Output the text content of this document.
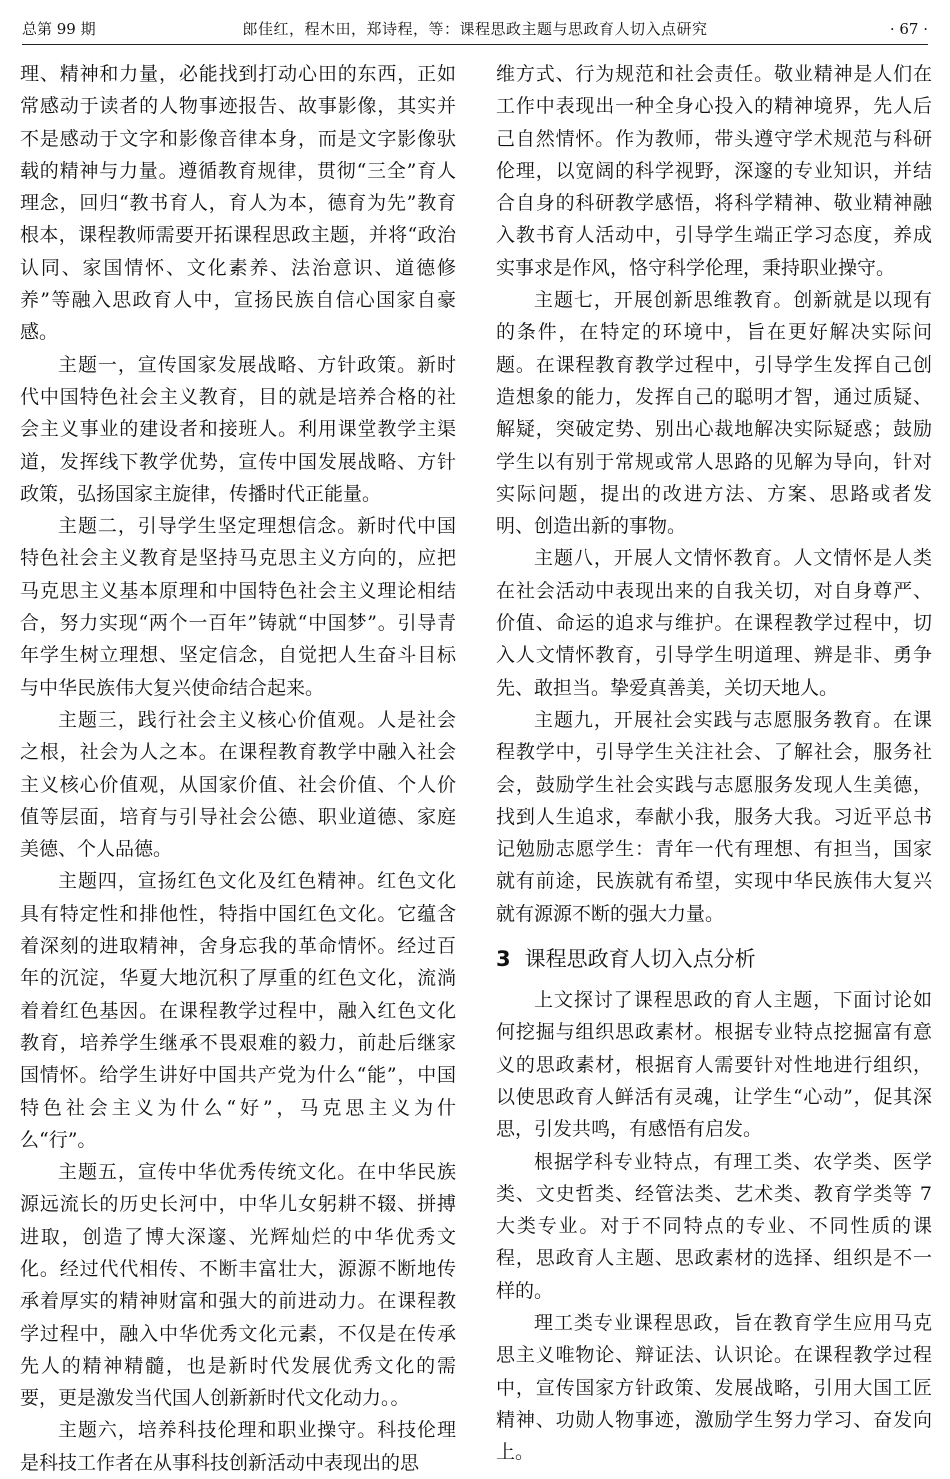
总第 99 期	郎佳红，程木田，郑诗程，等：课程思政主题与思政育人切入点研究	· 67 ·

理、精神和力量，必能找到打动心田的东西，正如常感动于读者的人物事迹报告、故事影像，其实并不是感动于文字和影像音律本身，而是文字影像驮载的精神与力量。遵循教育规律，贯彻“三全”育人理念，回归“教书育人，育人为本，德育为先”教育根本，课程教师需要开拓课程思政主题，并将“政治认同、家国情怀、文化素养、法治意识、道德修养”等融入思政育人中，宣扬民族自信心国家自豪感。

主题一，宣传国家发展战略、方针政策。新时代中国特色社会主义教育，目的就是培养合格的社会主义事业的建设者和接班人。利用课堂教学主渠道，发挥线下教学优势，宣传中国发展战略、方针政策，弘扬国家主旋律，传播时代正能量。

主题二，引导学生坚定理想信念。新时代中国特色社会主义教育是坚持马克思主义方向的，应把马克思主义基本原理和中国特色社会主义理论相结合，努力实现“两个一百年”铸就“中国梦”。引导青年学生树立理想、坚定信念，自觉把人生奋斗目标与中华民族伟大复兴使命结合起来。

主题三，践行社会主义核心价值观。人是社会之根，社会为人之本。在课程教育教学中融入社会主义核心价值观，从国家价值、社会价值、个人价值等层面，培育与引导社会公德、职业道德、家庭美德、个人品德。

主题四，宣扬红色文化及红色精神。红色文化具有特定性和排他性，特指中国红色文化。它蕴含着深刻的进取精神，舍身忘我的革命情怀。经过百年的沉淀，华夏大地沉积了厚重的红色文化，流淌着着红色基因。在课程教学过程中，融入红色文化教育，培养学生继承不畏艰难的毅力，前赴后继家国情怀。给学生讲好中国共产党为什么“能”，中国特色社会主义为什么“好”，马克思主义为什么“行”。

主题五，宣传中华优秀传统文化。在中华民族源远流长的历史长河中，中华儿女躬耕不辍、拼搏进取，创造了博大深邃、光辉灿烂的中华优秀文化。经过代代相传、不断丰富壮大，源源不断地传承着厚实的精神财富和强大的前进动力。在课程教学过程中，融入中华优秀文化元素，不仅是在传承先人的精神精髓，也是新时代发展优秀文化的需要，更是激发当代国人创新新时代文化动力。。

主题六，培养科技伦理和职业操守。科技伦理是科技工作者在从事科技创新活动中表现出的思

维方式、行为规范和社会责任。敬业精神是人们在工作中表现出一种全身心投入的精神境界，先人后己自然情怀。作为教师，带头遵守学术规范与科研伦理，以宽阔的科学视野，深邃的专业知识，并结合自身的科研教学感悟，将科学精神、敬业精神融入教书育人活动中，引导学生端正学习态度，养成实事求是作风，恪守科学伦理，秉持职业操守。

主题七，开展创新思维教育。创新就是以现有的条件，在特定的环境中，旨在更好解决实际问题。在课程教育教学过程中，引导学生发挥自己创造想象的能力，发挥自己的聪明才智，通过质疑、解疑，突破定势、别出心裁地解决实际疑惑；鼓励学生以有别于常规或常人思路的见解为导向，针对实际问题，提出的改进方法、方案、思路或者发明、创造出新的事物。

主题八，开展人文情怀教育。人文情怀是人类在社会活动中表现出来的自我关切，对自身尊严、价值、命运的追求与维护。在课程教学过程中，切入人文情怀教育，引导学生明道理、辨是非、勇争先、敢担当。挚爱真善美，关切天地人。

主题九，开展社会实践与志愿服务教育。在课程教学中，引导学生关注社会、了解社会，服务社会，鼓励学生社会实践与志愿服务发现人生美德，找到人生追求，奉献小我，服务大我。习近平总书记勉励志愿学生：青年一代有理想、有担当，国家就有前途，民族就有希望，实现中华民族伟大复兴就有源源不断的强大力量。

3 课程思政育人切入点分析

上文探讨了课程思政的育人主题，下面讨论如何挖掘与组织思政素材。根据专业特点挖掘富有意义的思政素材，根据育人需要针对性地进行组织，以使思政育人鲜活有灵魂，让学生“心动”，促其深思，引发共鸣，有感悟有启发。

根据学科专业特点，有理工类、农学类、医学类、文史哲类、经管法类、艺术类、教育学类等 7 大类专业。对于不同特点的专业、不同性质的课程，思政育人主题、思政素材的选择、组织是不一样的。

理工类专业课程思政，旨在教育学生应用马克思主义唯物论、辩证法、认识论。在课程教学过程中，宣传国家方针政策、发展战略，引用大国工匠精神、功勋人物事迹，激励学生努力学习、奋发向上。
